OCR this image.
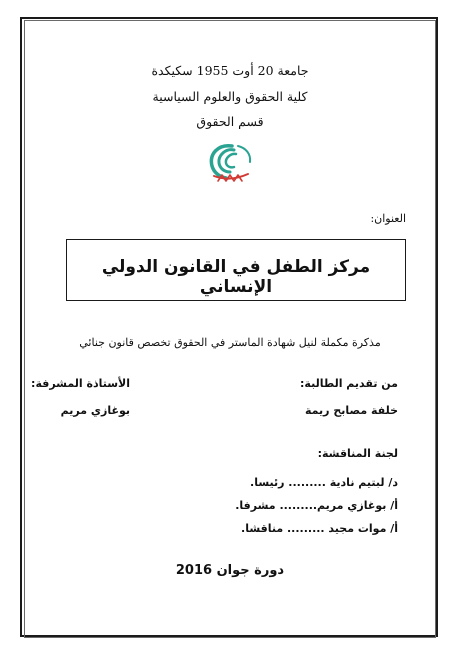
جامعة 20 أوت 1955 سكيكدة
كلية الحقوق والعلوم السياسية
قسم الحقوق
العنوان:
مركز الطفل في القانون الدولي الإنساني
مذكرة مكملة لنيل شهادة الماستر في الحقوق تخصص قانون جنائي
من تقديم الطالبة:
الأستاذة المشرفة:
خلفة مصابح ريمة
بوغازي مريم
لجنة المناقشة:
د/ لبتيم نادية ......... رئيسا.
أ/ بوغازي مريم......... مشرفا.
أ/ موات مجيد ......... مناقشا.
دورة جوان 2016
